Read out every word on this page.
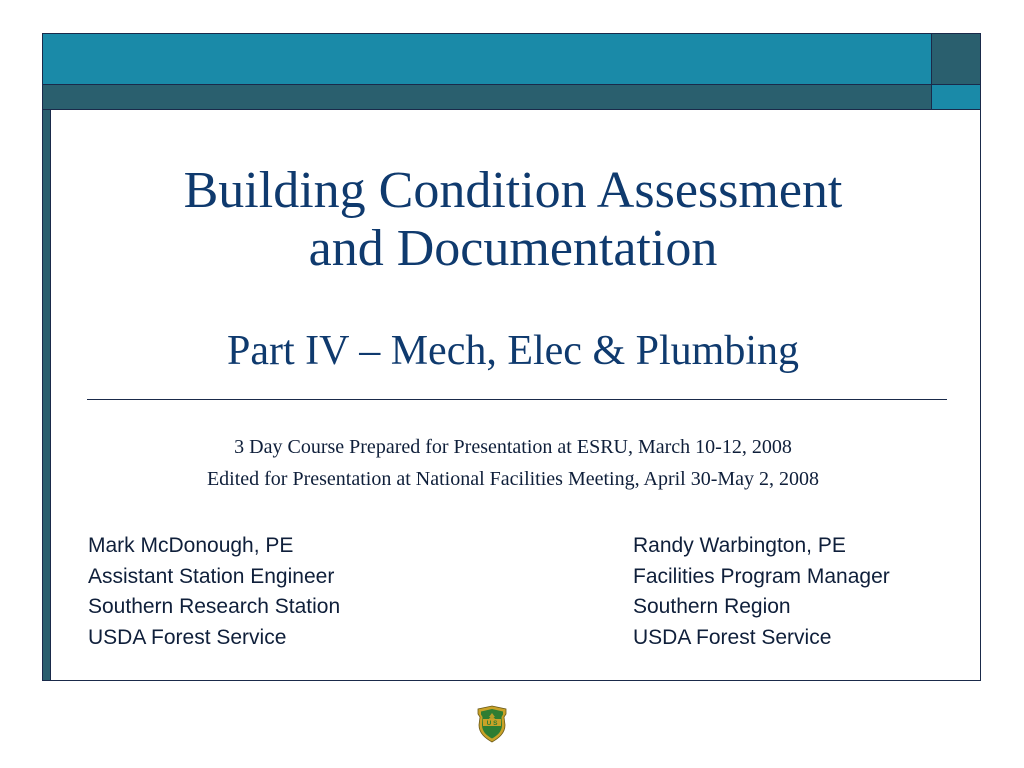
Building Condition Assessment
and Documentation
Part IV – Mech, Elec & Plumbing
3 Day Course Prepared for Presentation at ESRU, March 10-12, 2008
Edited for Presentation at National Facilities Meeting, April 30-May 2, 2008
Mark McDonough, PE
Assistant Station Engineer
Southern Research Station
USDA Forest Service
Randy Warbington, PE
Facilities Program Manager
Southern Region
USDA Forest Service
U S
